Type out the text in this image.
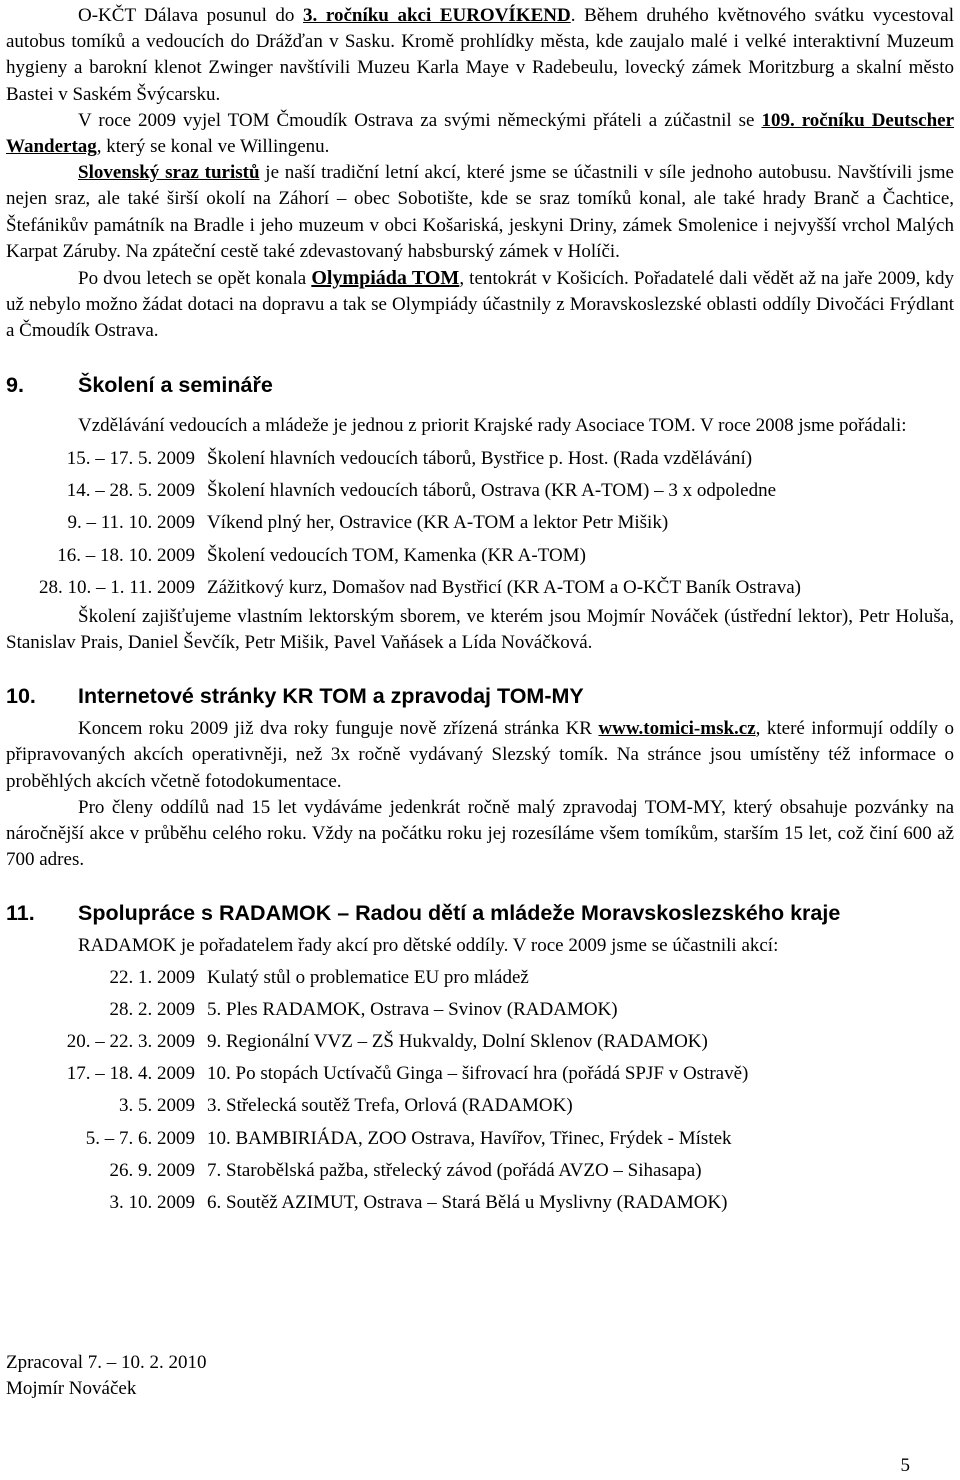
O-KČT Dálava posunul do 3. ročníku akci EUROVÍKEND. Během druhého květnového svátku vycestoval autobus tomíků a vedoucích do Drážďan v Sasku. Kromě prohlídky města, kde zaujalo malé i velké interaktivní Muzeum hygieny a barokní klenot Zwinger navštívili Muzeu Karla Maye v Radebeulu, lovecký zámek Moritzburg a skalní město Bastei v Saském Švýcarsku.

V roce 2009 vyjel TOM Čmoudík Ostrava za svými německými přáteli a zúčastnil se 109. ročníku Deutscher Wandertag, který se konal ve Willingenu.

Slovenský sraz turistů je naší tradiční letní akcí, které jsme se účastnili v síle jednoho autobusu. Navštívili jsme nejen sraz, ale také širší okolí na Záhorí – obec Sobotište, kde se sraz tomíků konal, ale také hrady Branč a Čachtice, Štefánikův památník na Bradle i jeho muzeum v obci Košariská, jeskyni Driny, zámek Smolenice i nejvyšší vrchol Malých Karpat Záruby. Na zpáteční cestě také zdevastovaný habsburský zámek v Holíči.

Po dvou letech se opět konala Olympiáda TOM, tentokrát v Košicích. Pořadatelé dali vědět až na jaře 2009, kdy už nebylo možno žádat dotaci na dopravu a tak se Olympiády účastnily z Moravskoslezské oblasti oddíly Divočáci Frýdlant a Čmoudík Ostrava.

9.	Školení a semináře

Vzdělávání vedoucích a mládeže je jednou z priorit Krajské rady Asociace TOM. V roce 2008 jsme pořádali:

15. – 17. 5. 2009 Školení hlavních vedoucích táborů, Bystřice p. Host. (Rada vzdělávání)
14. – 28. 5. 2009 Školení hlavních vedoucích táborů, Ostrava (KR A-TOM) – 3 x odpoledne
9. – 11. 10. 2009 Víkend plný her, Ostravice (KR A-TOM a lektor Petr Mišik)
16. – 18. 10. 2009 Školení vedoucích TOM, Kamenka (KR A-TOM)
28. 10. – 1. 11. 2009 Zážitkový kurz, Domašov nad Bystřicí (KR A-TOM a O-KČT Baník Ostrava)

Školení zajišťujeme vlastním lektorským sborem, ve kterém jsou Mojmír Nováček (ústřední lektor), Petr Holuša, Stanislav Prais, Daniel Ševčík, Petr Mišik, Pavel Vaňásek a Lída Nováčková.

10.	Internetové stránky KR TOM a zpravodaj TOM-MY

Koncem roku 2009 již dva roky funguje nově zřízená stránka KR www.tomici-msk.cz, které informují oddíly o připravovaných akcích operativněji, než 3x ročně vydávaný Slezský tomík. Na stránce jsou umístěny též informace o proběhlých akcích včetně fotodokumentace.

Pro členy oddílů nad 15 let vydáváme jedenkrát ročně malý zpravodaj TOM-MY, který obsahuje pozvánky na náročnější akce v průběhu celého roku. Vždy na počátku roku jej rozesíláme všem tomíkům, starším 15 let, což činí 600 až 700 adres.

11.	Spolupráce s RADAMOK – Radou dětí a mládeže Moravskoslezského kraje

RADAMOK je pořadatelem řady akcí pro dětské oddíly. V roce 2009 jsme se účastnili akcí:

22. 1. 2009 Kulatý stůl o problematice EU pro mládež
28. 2. 2009 5. Ples RADAMOK, Ostrava – Svinov (RADAMOK)
20. – 22. 3. 2009 9. Regionální VVZ – ZŠ Hukvaldy, Dolní Sklenov (RADAMOK)
17. – 18. 4. 2009 10. Po stopách Uctívačů Ginga – šifrovací hra (pořádá SPJF v Ostravě)
3. 5. 2009 3. Střelecká soutěž Trefa, Orlová (RADAMOK)
5. – 7. 6. 2009 10. BAMBIRIÁDA, ZOO Ostrava, Havířov, Třinec, Frýdek - Místek
26. 9. 2009 7. Starobělská pažba, střelecký závod (pořádá AVZO – Sihasapa)
3. 10. 2009 6. Soutěž AZIMUT, Ostrava – Stará Bělá u Myslivny (RADAMOK)
Zpracoval 7. – 10. 2. 2010
Mojmír Nováček
5
